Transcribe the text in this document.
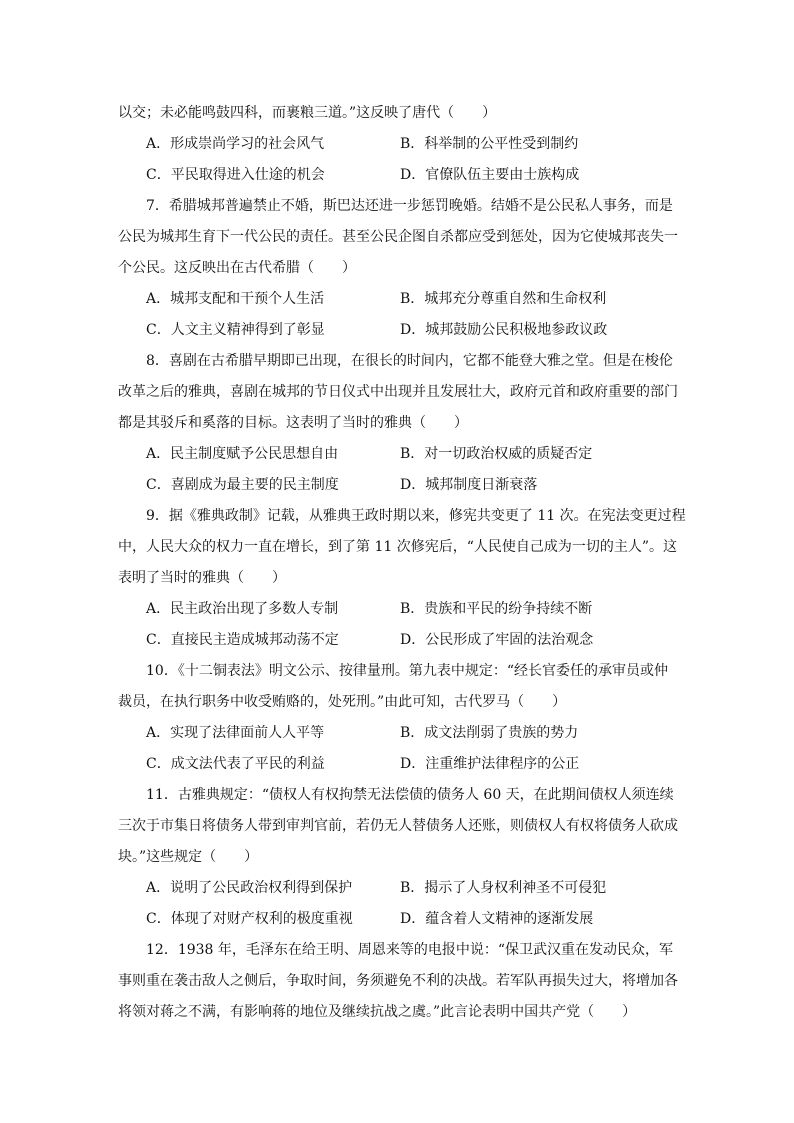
以交；未必能鸣鼓四科，而裹粮三道。”这反映了唐代（　　）
A．形成崇尚学习的社会风气	B．科举制的公平性受到制约
C．平民取得进入仕途的机会	D．官僚队伍主要由士族构成
7．希腊城邦普遍禁止不婚，斯巴达还进一步惩罚晚婚。结婚不是公民私人事务，而是
公民为城邦生育下一代公民的责任。甚至公民企图自杀都应受到惩处，因为它使城邦丧失一
个公民。这反映出在古代希腊（　　）
A．城邦支配和干预个人生活	B．城邦充分尊重自然和生命权利
C．人文主义精神得到了彰显	D．城邦鼓励公民积极地参政议政
8．喜剧在古希腊早期即已出现，在很长的时间内，它都不能登大雅之堂。但是在梭伦
改革之后的雅典，喜剧在城邦的节日仪式中出现并且发展壮大，政府元首和政府重要的部门
都是其驳斥和奚落的目标。这表明了当时的雅典（　　）
A．民主制度赋予公民思想自由	B．对一切政治权威的质疑否定
C．喜剧成为最主要的民主制度	D．城邦制度日渐衰落
9．据《雅典政制》记载，从雅典王政时期以来，修宪共变更了 11 次。在宪法变更过程
中，人民大众的权力一直在增长，到了第 11 次修宪后，“人民使自己成为一切的主人”。这
表明了当时的雅典（　　）
A．民主政治出现了多数人专制	B．贵族和平民的纷争持续不断
C．直接民主造成城邦动荡不定	D．公民形成了牢固的法治观念
10．《十二铜表法》明文公示、按律量刑。第九表中规定：“经长官委任的承审员或仲
裁员，在执行职务中收受贿赂的，处死刑。”由此可知，古代罗马（　　）
A．实现了法律面前人人平等	B．成文法削弱了贵族的势力
C．成文法代表了平民的利益	D．注重维护法律程序的公正
11．古雅典规定：“债权人有权拘禁无法偿债的债务人 60 天，在此期间债权人须连续
三次于市集日将债务人带到审判官前，若仍无人替债务人还账，则债权人有权将债务人砍成
块。”这些规定（　　）
A．说明了公民政治权利得到保护	B．揭示了人身权利神圣不可侵犯
C．体现了对财产权利的极度重视	D．蕴含着人文精神的逐渐发展
12．1938 年，毛泽东在给王明、周恩来等的电报中说：“保卫武汉重在发动民众，军
事则重在袭击敌人之侧后，争取时间，务须避免不利的决战。若军队再损失过大，将增加各
将领对蒋之不满，有影响蒋的地位及继续抗战之虞。”此言论表明中国共产党（　　）
